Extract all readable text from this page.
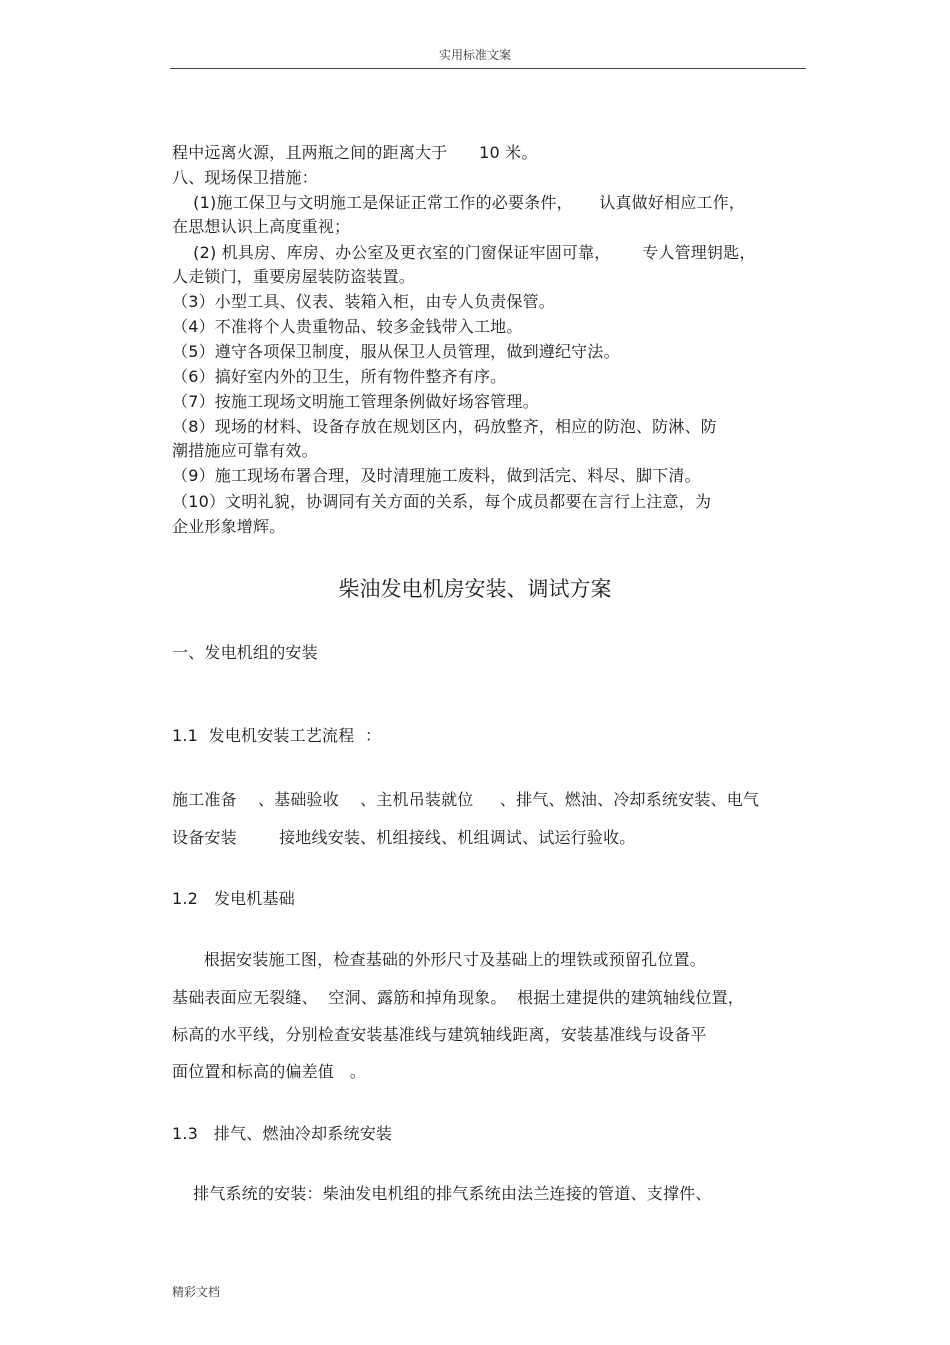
实用标准文案
程中远离火源，且两瓶之间的距离大于      10 米。
八、现场保卫措施：
(1)施工保卫与文明施工是保证正常工作的必要条件，     认真做好相应工作，
在思想认识上高度重视；
(2) 机具房、库房、办公室及更衣室的门窗保证牢固可靠，      专人管理钥匙，
人走锁门，重要房屋装防盗装置。
（3）小型工具、仪表、装箱入柜，由专人负责保管。
（4）不准将个人贵重物品、较多金钱带入工地。
（5）遵守各项保卫制度，服从保卫人员管理，做到遵纪守法。
（6）搞好室内外的卫生，所有物件整齐有序。
（7）按施工现场文明施工管理条例做好场容管理。
（8）现场的材料、设备存放在规划区内，码放整齐，相应的防泡、防淋、防
潮措施应可靠有效。
（9）施工现场布署合理，及时清理施工废料，做到活完、料尽、脚下清。
（10）文明礼貌，协调同有关方面的关系，每个成员都要在言行上注意，为
企业形象增辉。
柴油发电机房安装、调试方案
一、发电机组的安装
1.1  发电机安装工艺流程  ：
施工准备    、基础验收    、主机吊装就位     、排气、燃油、冷却系统安装、电气
设备安装        接地线安装、机组接线、机组调试、试运行验收。
1.2   发电机基础
根据安装施工图，检查基础的外形尺寸及基础上的埋铁或预留孔位置。
基础表面应无裂缝、  空洞、露筋和掉角现象。  根据土建提供的建筑轴线位置，
标高的水平线，分别检查安装基准线与建筑轴线距离，安装基准线与设备平
面位置和标高的偏差值   。
1.3   排气、燃油冷却系统安装
排气系统的安装：柴油发电机组的排气系统由法兰连接的管道、支撑件、
精彩文档
